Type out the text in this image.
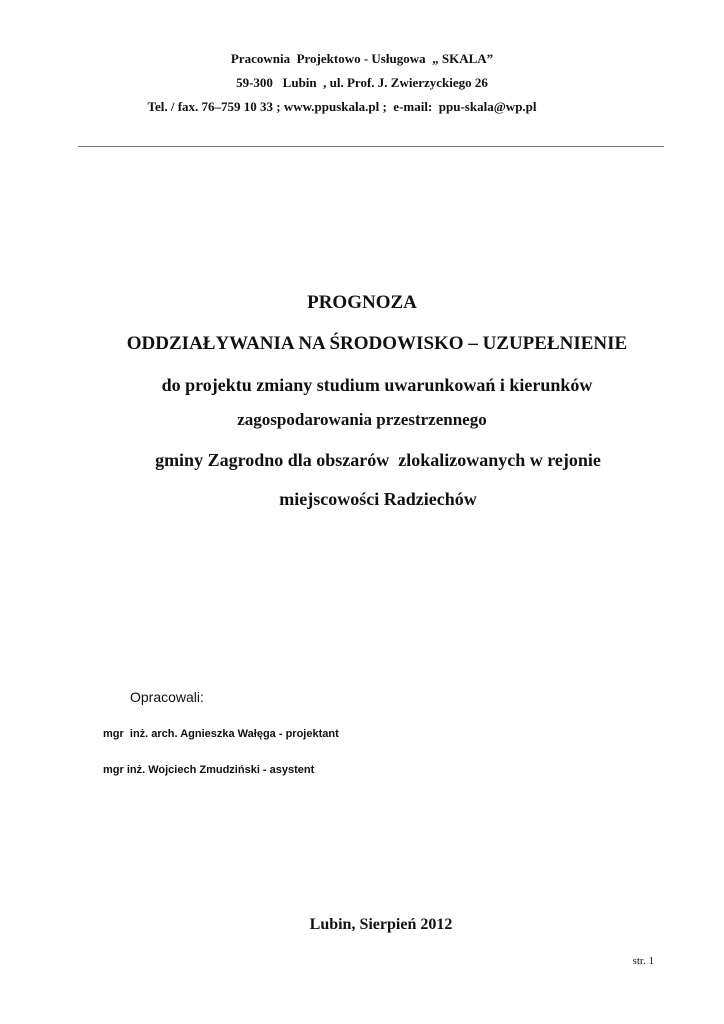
Pracownia  Projektowo - Usługowa  „ SKALA”
59-300   Lubin  , ul. Prof. J. Zwierzyckiego 26
Tel. / fax. 76–759 10 33 ; www.ppuskala.pl ;  e-mail:  ppu-skala@wp.pl
PROGNOZA
ODDZIAŁYWANIA NA ŚRODOWISKO – UZUPEŁNIENIE
do projektu zmiany studium uwarunkowań i kierunków
zagospodarowania przestrzennego
gminy Zagrodno dla obszarów  zlokalizowanych w rejonie
miejscowości Radziechów
Opracowali:
mgr  inż. arch. Agnieszka Wałęga - projektant
mgr inż. Wojciech Zmudziński - asystent
Lubin, Sierpień 2012
str. 1
